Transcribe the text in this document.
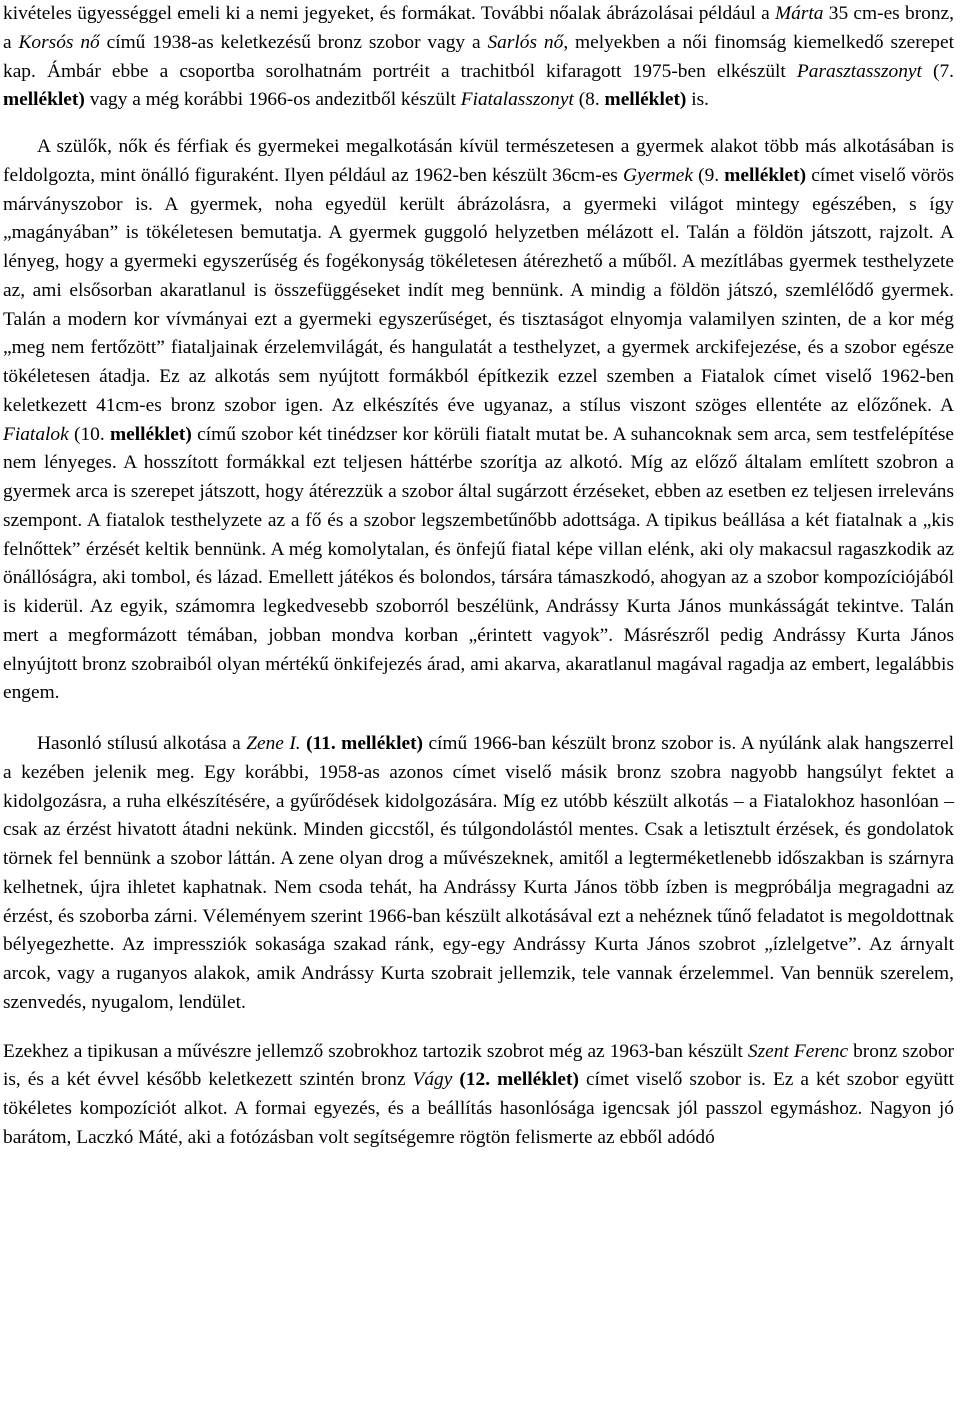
kivételes ügyességgel emeli ki a nemi jegyeket, és formákat. További nőalak ábrázolásai például a Márta 35 cm-es bronz, a Korsós nő című 1938-as keletkezésű bronz szobor vagy a Sarlós nő, melyekben a női finomság kiemelkedő szerepet kap. Ámbár ebbe a csoportba sorolhatnám portréit a trachitból kifaragott 1975-ben elkészült Parasztasszonyt (7. melléklet) vagy a még korábbi 1966-os andezitből készült Fiatalasszonyt (8. melléklet) is.

A szülők, nők és férfiak és gyermekei megalkotásán kívül természetesen a gyermek alakot több más alkotásában is feldolgozta, mint önálló figuraként. Ilyen például az 1962-ben készült 36cm-es Gyermek (9. melléklet) címet viselő vörös márványszobor is. A gyermek, noha egyedül került ábrázolásra, a gyermeki világot mintegy egészében, s így „magányában” is tökéletesen bemutatja. A gyermek guggoló helyzetben mélázott el. Talán a földön játszott, rajzolt. A lényeg, hogy a gyermeki egyszerűség és fogékonyság tökéletesen átérezhető a műből. A mezítlábas gyermek testhelyzete az, ami elsősorban akaratlanul is összefüggéseket indít meg bennünk. A mindig a földön játszó, szemlélődő gyermek. Talán a modern kor vívmányai ezt a gyermeki egyszerűséget, és tisztaságot elnyomja valamilyen szinten, de a kor még „meg nem fertőzött” fiataljainak érzelemvilágát, és hangulatát a testhelyzet, a gyermek arckifejezése, és a szobor egésze tökéletesen átadja. Ez az alkotás sem nyújtott formákból építkezik ezzel szemben a Fiatalok címet viselő 1962-ben keletkezett 41cm-es bronz szobor igen. Az elkészítés éve ugyanaz, a stílus viszont szöges ellentéte az előzőnek. A Fiatalok (10. melléklet) című szobor két tinédzser kor körüli fiatalt mutat be. A suhancoknak sem arca, sem testfelépítése nem lényeges. A hosszított formákkal ezt teljesen háttérbe szorítja az alkotó. Míg az előző általam említett szobron a gyermek arca is szerepet játszott, hogy átérezzük a szobor által sugárzott érzéseket, ebben az esetben ez teljesen irreleváns szempont. A fiatalok testhelyzete az a fő és a szobor legszembetűnőbb adottsága. A tipikus beállása a két fiatalnak a „kis felnőttek” érzését keltik bennünk. A még komolytalan, és önfejű fiatal képe villan elénk, aki oly makacsul ragaszkodik az önállóságra, aki tombol, és lázad. Emellett játékos és bolondos, társára támaszkodó, ahogyan az a szobor kompozíciójából is kiderül. Az egyik, számomra legkedvesebb szoborról beszélünk, Andrássy Kurta János munkásságát tekintve. Talán mert a megformázott témában, jobban mondva korban „érintett vagyok”. Másrészről pedig Andrássy Kurta János elnyújtott bronz szobraiból olyan mértékű önkifejezés árad, ami akarva, akaratlanul magával ragadja az embert, legalábbis engem.

Hasonló stílusú alkotása a Zene I. (11. melléklet) című 1966-ban készült bronz szobor is. A nyúlánk alak hangszerrel a kezében jelenik meg. Egy korábbi, 1958-as azonos címet viselő másik bronz szobra nagyobb hangsúlyt fektet a kidolgozásra, a ruha elkészítésére, a gyűrődések kidolgozására. Míg ez utóbb készült alkotás – a Fiatalokhoz hasonlóan – csak az érzést hivatott átadni nekünk. Minden giccstől, és túlgondolástól mentes. Csak a letisztult érzések, és gondolatok törnek fel bennünk a szobor láttán. A zene olyan drog a művészeknek, amitől a legterméketlenebb időszakban is szárnyra kelhetnek, újra ihletet kaphatnak. Nem csoda tehát, ha Andrássy Kurta János több ízben is megpróbálja megragadni az érzést, és szoborba zárni. Véleményem szerint 1966-ban készült alkotásával ezt a nehéznek tűnő feladatot is megoldottnak bélyegezhette. Az impressziók sokasága szakad ránk, egy-egy Andrássy Kurta János szobrot „ízlelgetve”. Az árnyalt arcok, vagy a ruganyos alakok, amik Andrássy Kurta szobrait jellemzik, tele vannak érzelemmel. Van bennük szerelem, szenvedés, nyugalom, lendület.

Ezekhez a tipikusan a művészre jellemző szobrokhoz tartozik szobrot még az 1963-ban készült Szent Ferenc bronz szobor is, és a két évvel később keletkezett szintén bronz Vágy (12. melléklet) címet viselő szobor is. Ez a két szobor együtt tökéletes kompozíciót alkot. A formai egyezés, és a beállítás hasonlósága igencsak jól passzol egymáshoz. Nagyon jó barátom, Laczkó Máté, aki a fotózásban volt segítségemre rögtön felismerte az ebből adódó
